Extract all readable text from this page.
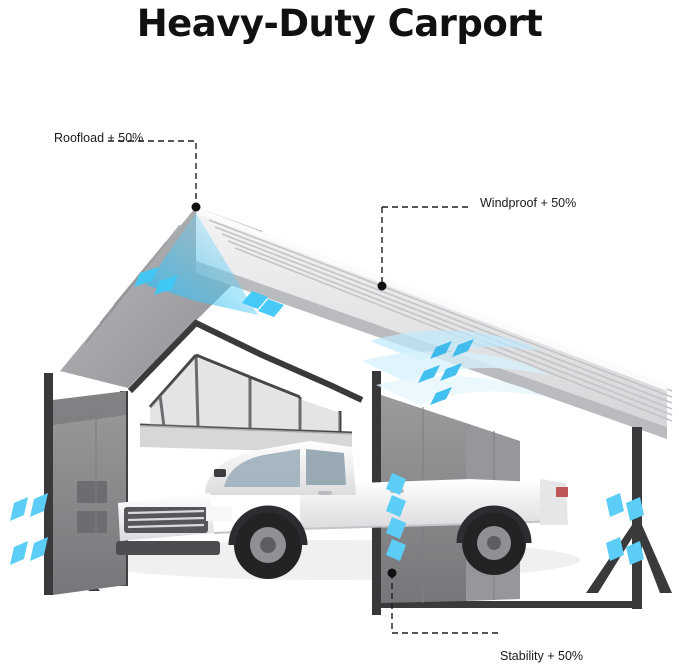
Heavy-Duty Carport
Roofload + 50%
Windproof + 50%
Stability + 50%
